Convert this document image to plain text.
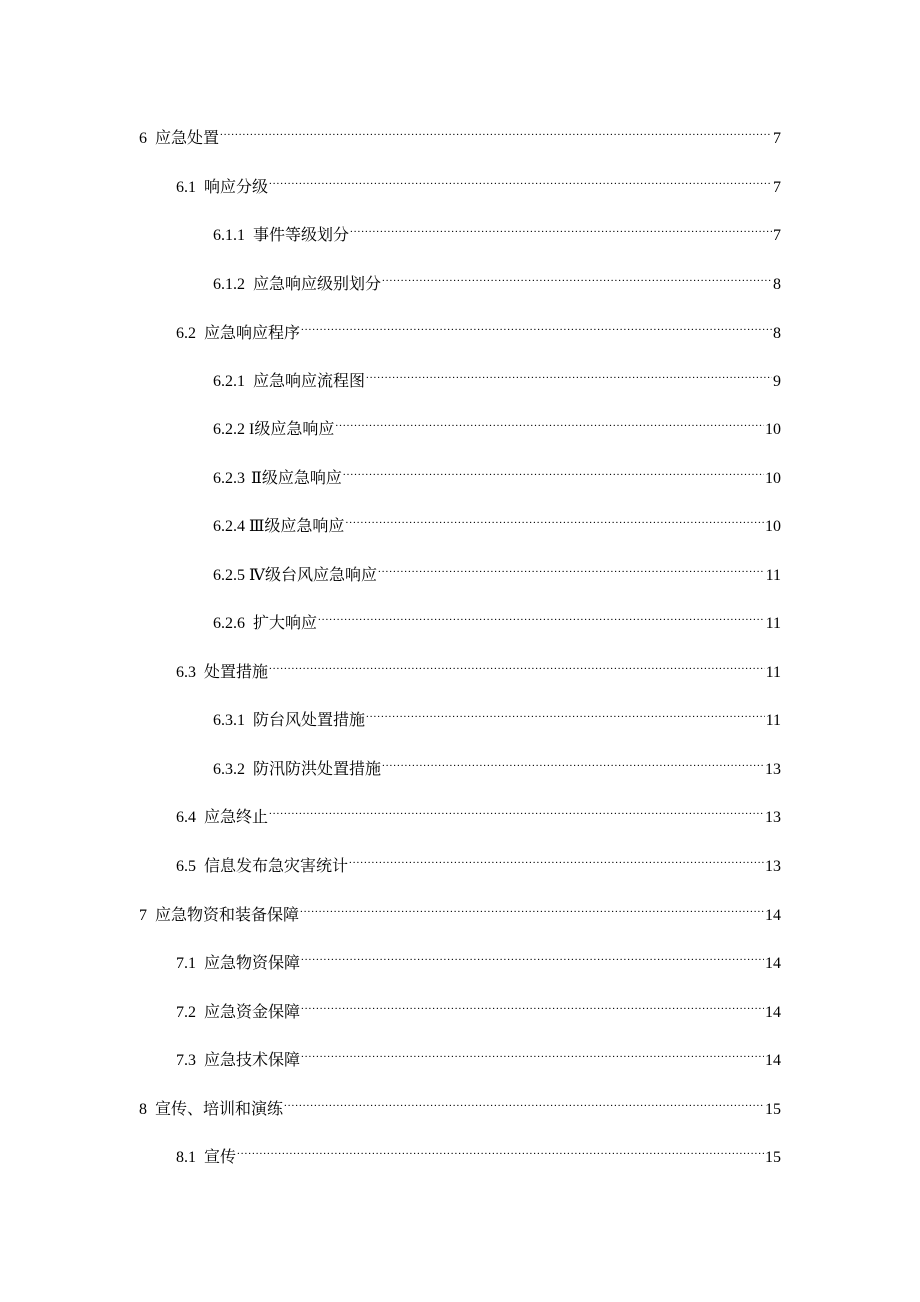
6 应急处置 .....	7
6.1 响应分级 .....	7
6.1.1 事件等级划分 .....	7
6.1.2 应急响应级别划分 .....	8
6.2 应急响应程序 .....	8
6.2.1 应急响应流程图 .....	9
6.2.2 I级应急响应 .....	10
6.2.3 Ⅱ级应急响应 .....	10
6.2.4 Ⅲ级应急响应 .....	10
6.2.5 Ⅳ级台风应急响应 .....	11
6.2.6 扩大响应 .....	11
6.3 处置措施 .....	11
6.3.1 防台风处置措施 .....	11
6.3.2 防汛防洪处置措施 .....	13
6.4 应急终止 .....	13
6.5 信息发布急灾害统计 .....	13
7 应急物资和装备保障 .....	14
7.1 应急物资保障 .....	14
7.2 应急资金保障 .....	14
7.3 应急技术保障 .....	14
8 宣传、培训和演练 .....	15
8.1 宣传 .....	15
